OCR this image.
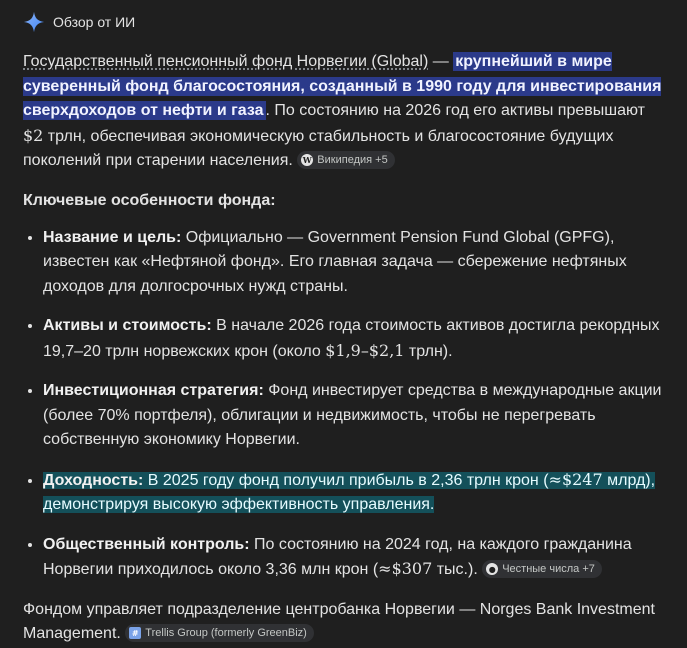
Обзор от ИИ

Государственный пенсионный фонд Норвегии (Global) — крупнейший в мире суверенный фонд благосостояния, созданный в 1990 году для инвестирования сверхдоходов от нефти и газа . По состоянию на 2026 год его активы превышают $2 трлн, обеспечивая экономическую стабильность и благосостояние будущих поколений при старении населения. W Википедия +5

Ключевые особенности фонда:
• Название и цель: Официально — Government Pension Fund Global (GPFG), известен как «Нефтяной фонд». Его главная задача — сбережение нефтяных доходов для долгосрочных нужд страны.
• Активы и стоимость: В начале 2026 года стоимость активов достигла рекордных 19,7–20 трлн норвежских крон (около $1,9–$2,1 трлн).
• Инвестиционная стратегия: Фонд инвестирует средства в международные акции (более 70% портфеля), облигации и недвижимость, чтобы не перегревать собственную экономику Норвегии.
• Доходность: В 2025 году фонд получил прибыль в 2,36 трлн крон (≈$247 млрд), демонстрируя высокую эффективность управления.
• Общественный контроль: По состоянию на 2024 год, на каждого гражданина Норвегии приходилось около 3,36 млн крон (≈$307 тыс.). ● Честные числа +7

Фондом управляет подразделение центробанка Норвегии — Norges Bank Investment Management. # Trellis Group (formerly GreenBiz)
